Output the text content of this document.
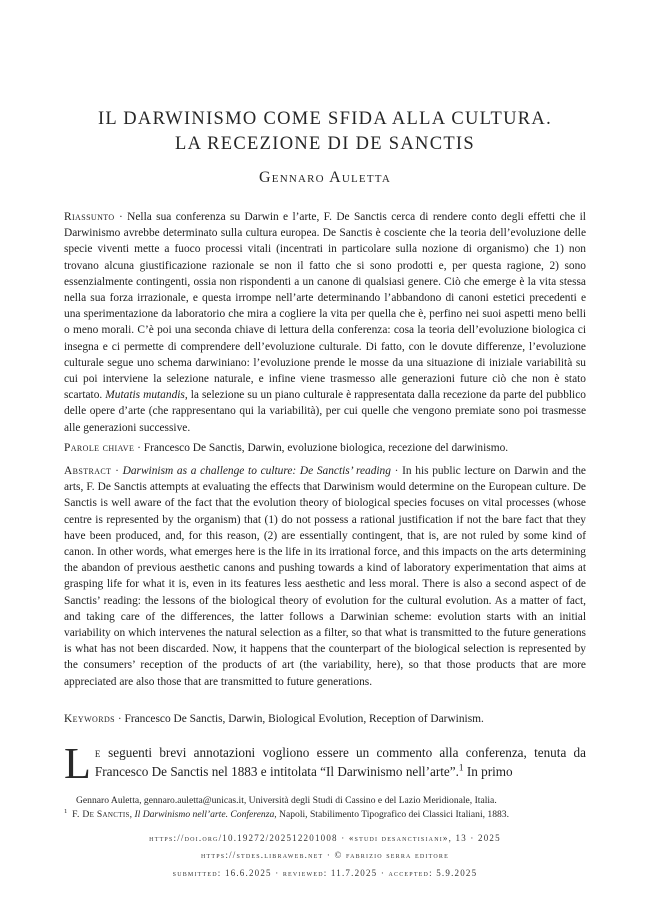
IL DARWINISMO COME SFIDA ALLA CULTURA.
LA RECEZIONE DI DE SANCTIS
Gennaro Auletta
Riassunto · Nella sua conferenza su Darwin e l’arte, F. De Sanctis cerca di rendere conto degli effetti che il Darwinismo avrebbe determinato sulla cultura europea. De Sanctis è cosciente che la teoria dell’evoluzione delle specie viventi mette a fuoco processi vitali (incentrati in particolare sulla nozione di organismo) che 1) non trovano alcuna giustificazione razionale se non il fatto che si sono prodotti e, per questa ragione, 2) sono essenzialmente contingenti, ossia non rispondenti a un canone di qualsiasi genere. Ciò che emerge è la vita stessa nella sua forza irrazionale, e questa irrompe nell’arte determinando l’abbandono di canoni estetici precedenti e una sperimentazione da laboratorio che mira a cogliere la vita per quella che è, perfino nei suoi aspetti meno belli o meno morali. C’è poi una seconda chiave di lettura della conferenza: cosa la teoria dell’evoluzione biologica ci insegna e ci permette di comprendere dell’evoluzione culturale. Di fatto, con le dovute differenze, l’evoluzione culturale segue uno schema darwiniano: l’evoluzione prende le mosse da una situazione di iniziale variabilità su cui poi interviene la selezione naturale, e infine viene trasmesso alle generazioni future ciò che non è stato scartato. Mutatis mutandis, la selezione su un piano culturale è rappresentata dalla recezione da parte del pubblico delle opere d’arte (che rappresentano qui la variabilità), per cui quelle che vengono premiate sono poi trasmesse alle generazioni successive.
Parole chiave · Francesco De Sanctis, Darwin, evoluzione biologica, recezione del darwinismo.
Abstract · Darwinism as a challenge to culture: De Sanctis’ reading · In his public lecture on Darwin and the arts, F. De Sanctis attempts at evaluating the effects that Darwinism would determine on the European culture. De Sanctis is well aware of the fact that the evolution theory of biological species focuses on vital processes (whose centre is represented by the organism) that (1) do not possess a rational justification if not the bare fact that they have been produced, and, for this reason, (2) are essentially contingent, that is, are not ruled by some kind of canon. In other words, what emerges here is the life in its irrational force, and this impacts on the arts determining the abandon of previous aesthetic canons and pushing towards a kind of laboratory experimentation that aims at grasping life for what it is, even in its features less aesthetic and less moral. There is also a second aspect of de Sanctis’ reading: the lessons of the biological theory of evolution for the cultural evolution. As a matter of fact, and taking care of the differences, the latter follows a Darwinian scheme: evolution starts with an initial variability on which intervenes the natural selection as a filter, so that what is transmitted to the future generations is what has not been discarded. Now, it happens that the counterpart of the biological selection is represented by the consumers’ reception of the products of art (the variability, here), so that those products that are more appreciated are also those that are transmitted to future generations.
Keywords · Francesco De Sanctis, Darwin, Biological Evolution, Reception of Darwinism.
Le seguenti brevi annotazioni vogliono essere un commento alla conferenza, tenuta da Francesco De Sanctis nel 1883 e intitolata “Il Darwinismo nell’arte”.$^1$ In primo
Gennaro Auletta, gennaro.auletta@unicas.it, Università degli Studi di Cassino e del Lazio Meridionale, Italia.
$^1$ F. De Sanctis, Il Darwinismo nell’arte. Conferenza, Napoli, Stabilimento Tipografico dei Classici Italiani, 1883.
https://doi.org/10.19272/202512201008 · «studi desanctisiani», 13 · 2025
https://stdes.libraweb.net · © fabrizio serra editore
submitted: 16.6.2025 · reviewed: 11.7.2025 · accepted: 5.9.2025
